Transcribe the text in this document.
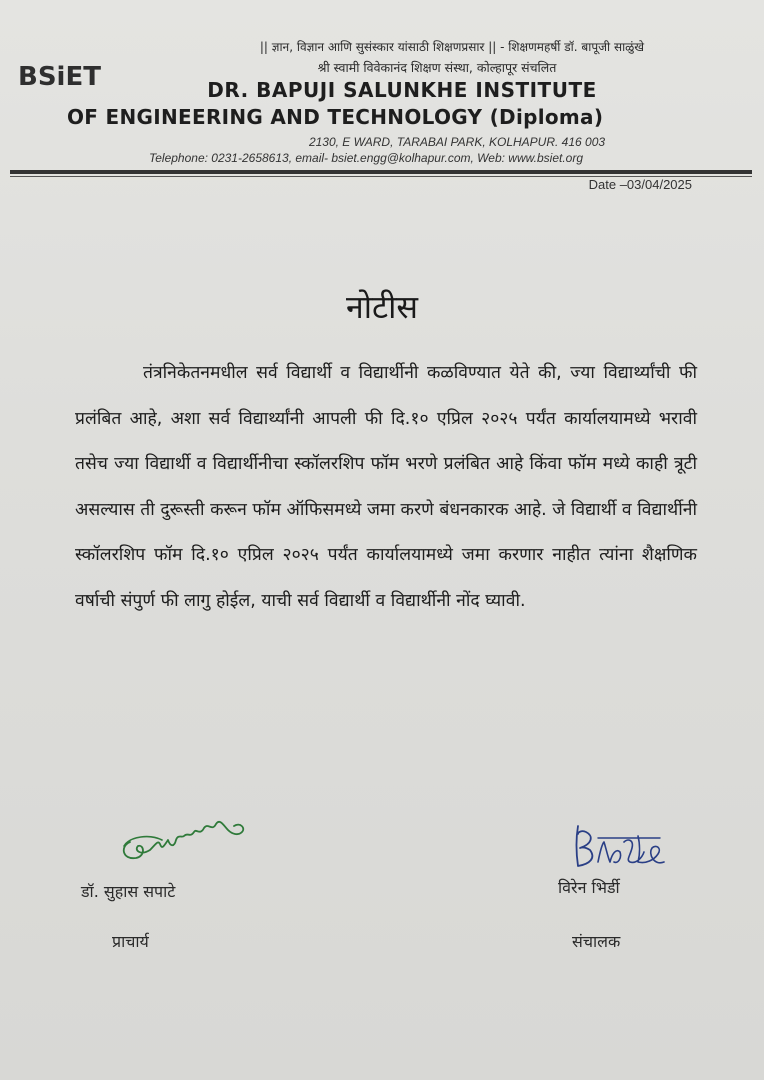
|| ज्ञान, विज्ञान आणि सुसंस्कार यांसाठी शिक्षणप्रसार || - शिक्षणमहर्षी डॉ. बापूजी साळुंखे
BSiET	श्री स्वामी विवेकानंद शिक्षण संस्था, कोल्हापूर संचलित
DR. BAPUJI SALUNKHE INSTITUTE
OF ENGINEERING AND TECHNOLOGY (Diploma)
2130, E WARD, TARABAI PARK, KOLHAPUR. 416 003
Telephone: 0231-2658613, email- bsiet.engg@kolhapur.com, Web: www.bsiet.org
Date –03/04/2025
नोटीस

तंत्रनिकेतनमधील सर्व विद्यार्थी व विद्यार्थीनी कळविण्यात येते की, ज्या विद्यार्थ्यांची फी प्रलंबित आहे, अशा सर्व विद्यार्थ्यांनी आपली फी दि.१० एप्रिल २०२५ पर्यंत कार्यालयामध्ये भरावी तसेच ज्या विद्यार्थी व विद्यार्थीनीचा स्कॉलरशिप फॉम भरणे प्रलंबित आहे किंवा फॉम मध्ये काही त्रूटी असल्यास ती दुरूस्ती करून फॉम ऑफिसमध्ये जमा करणे बंधनकारक आहे. जे विद्यार्थी व विद्यार्थीनी स्कॉलरशिप फॉम दि.१० एप्रिल २०२५ पर्यंत कार्यालयामध्ये जमा करणार नाहीत त्यांना शैक्षणिक वर्षाची संपुर्ण फी लागु होईल, याची सर्व विद्यार्थी व विद्यार्थीनी नोंद घ्यावी.

डॉ. सुहास सपाटे
प्राचार्य
विरेन भिर्डी
संचालक
